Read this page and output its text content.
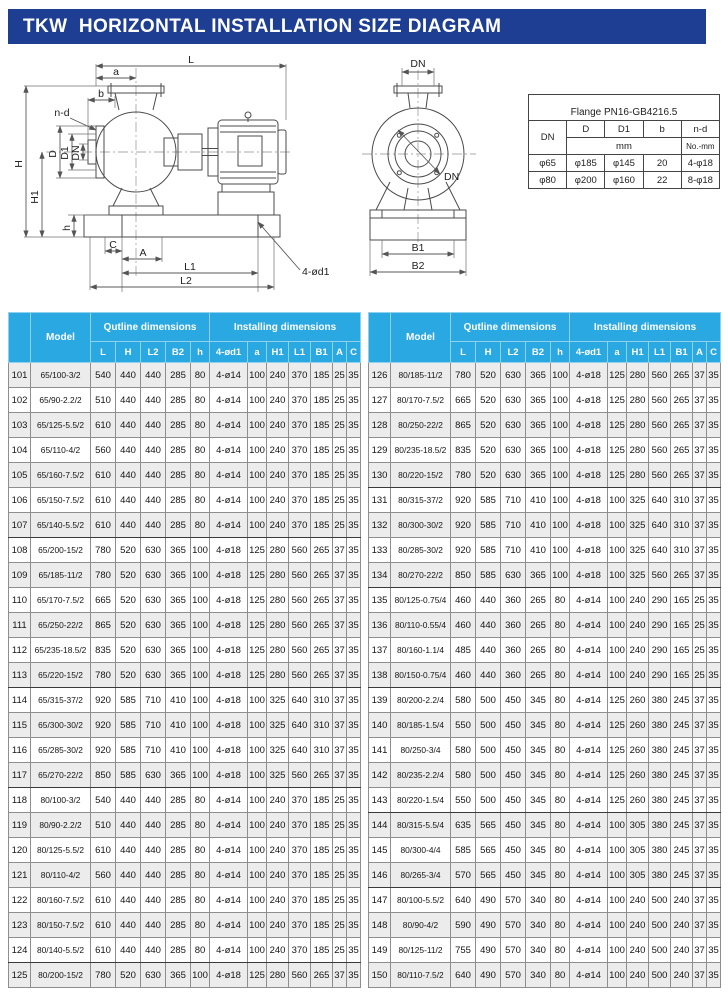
TKW  HORIZONTAL INSTALLATION SIZE DIAGRAM
L
a
b
n-d
H
H1
D D1 DN
h
C
A
L1
L2
4-ød1
DN
DN
B1
B2
Flange PN16-GB4216.5				
DN	D	D1	b	n-d
	mm			No.-mm
φ65	φ185	φ145	20	4-φ18
φ80	φ200	φ160	22	8-φ18
	Model	Qutline dimensions					Installing dimensions						
		L	H	L2	B2	h	4-ød1	a	H1	L1	B1	A	C
101	65/100-3/2	540	440	440	285	80	4-ø14	100	240	370	185	25	35
102	65/90-2.2/2	510	440	440	285	80	4-ø14	100	240	370	185	25	35
103	65/125-5.5/2	610	440	440	285	80	4-ø14	100	240	370	185	25	35
104	65/110-4/2	560	440	440	285	80	4-ø14	100	240	370	185	25	35
105	65/160-7.5/2	610	440	440	285	80	4-ø14	100	240	370	185	25	35
106	65/150-7.5/2	610	440	440	285	80	4-ø14	100	240	370	185	25	35
107	65/140-5.5/2	610	440	440	285	80	4-ø14	100	240	370	185	25	35
108	65/200-15/2	780	520	630	365	100	4-ø18	125	280	560	265	37	35
109	65/185-11/2	780	520	630	365	100	4-ø18	125	280	560	265	37	35
110	65/170-7.5/2	665	520	630	365	100	4-ø18	125	280	560	265	37	35
111	65/250-22/2	865	520	630	365	100	4-ø18	125	280	560	265	37	35
112	65/235-18.5/2	835	520	630	365	100	4-ø18	125	280	560	265	37	35
113	65/220-15/2	780	520	630	365	100	4-ø18	125	280	560	265	37	35
114	65/315-37/2	920	585	710	410	100	4-ø18	100	325	640	310	37	35
115	65/300-30/2	920	585	710	410	100	4-ø18	100	325	640	310	37	35
116	65/285-30/2	920	585	710	410	100	4-ø18	100	325	640	310	37	35
117	65/270-22/2	850	585	630	365	100	4-ø18	100	325	560	265	37	35
118	80/100-3/2	540	440	440	285	80	4-ø14	100	240	370	185	25	35
119	80/90-2.2/2	510	440	440	285	80	4-ø14	100	240	370	185	25	35
120	80/125-5.5/2	610	440	440	285	80	4-ø14	100	240	370	185	25	35
121	80/110-4/2	560	440	440	285	80	4-ø14	100	240	370	185	25	35
122	80/160-7.5/2	610	440	440	285	80	4-ø14	100	240	370	185	25	35
123	80/150-7.5/2	610	440	440	285	80	4-ø14	100	240	370	185	25	35
124	80/140-5.5/2	610	440	440	285	80	4-ø14	100	240	370	185	25	35
125	80/200-15/2	780	520	630	365	100	4-ø18	125	280	560	265	37	35
	Model	Qutline dimensions					Installing dimensions						
		L	H	L2	B2	h	4-ød1	a	H1	L1	B1	A	C
126	80/185-11/2	780	520	630	365	100	4-ø18	125	280	560	265	37	35
127	80/170-7.5/2	665	520	630	365	100	4-ø18	125	280	560	265	37	35
128	80/250-22/2	865	520	630	365	100	4-ø18	125	280	560	265	37	35
129	80/235-18.5/2	835	520	630	365	100	4-ø18	125	280	560	265	37	35
130	80/220-15/2	780	520	630	365	100	4-ø18	125	280	560	265	37	35
131	80/315-37/2	920	585	710	410	100	4-ø18	100	325	640	310	37	35
132	80/300-30/2	920	585	710	410	100	4-ø18	100	325	640	310	37	35
133	80/285-30/2	920	585	710	410	100	4-ø18	100	325	640	310	37	35
134	80/270-22/2	850	585	630	365	100	4-ø18	100	325	560	265	37	35
135	80/125-0.75/4	460	440	360	265	80	4-ø14	100	240	290	165	25	35
136	80/110-0.55/4	460	440	360	265	80	4-ø14	100	240	290	165	25	35
137	80/160-1.1/4	485	440	360	265	80	4-ø14	100	240	290	165	25	35
138	80/150-0.75/4	460	440	360	265	80	4-ø14	100	240	290	165	25	35
139	80/200-2.2/4	580	500	450	345	80	4-ø14	125	260	380	245	37	35
140	80/185-1.5/4	550	500	450	345	80	4-ø14	125	260	380	245	37	35
141	80/250-3/4	580	500	450	345	80	4-ø14	125	260	380	245	37	35
142	80/235-2.2/4	580	500	450	345	80	4-ø14	125	260	380	245	37	35
143	80/220-1.5/4	550	500	450	345	80	4-ø14	125	260	380	245	37	35
144	80/315-5.5/4	635	565	450	345	80	4-ø14	100	305	380	245	37	35
145	80/300-4/4	585	565	450	345	80	4-ø14	100	305	380	245	37	35
146	80/265-3/4	570	565	450	345	80	4-ø14	100	305	380	245	37	35
147	80/100-5.5/2	640	490	570	340	80	4-ø14	100	240	500	240	37	35
148	80/90-4/2	590	490	570	340	80	4-ø14	100	240	500	240	37	35
149	80/125-11/2	755	490	570	340	80	4-ø14	100	240	500	240	37	35
150	80/110-7.5/2	640	490	570	340	80	4-ø14	100	240	500	240	37	35
